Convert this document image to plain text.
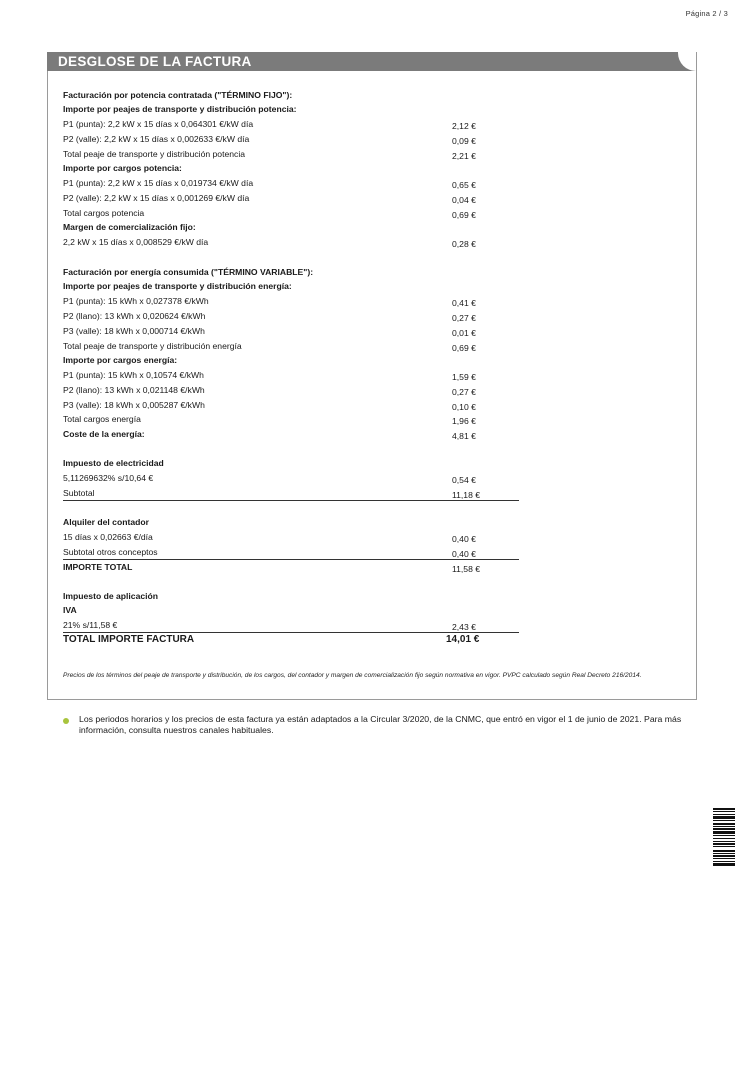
Página 2 / 3
DESGLOSE DE LA FACTURA
Facturación por potencia contratada ("TÉRMINO FIJO"):
Importe por peajes de transporte y distribución potencia:
P1 (punta): 2,2 kW x 15 días x 0,064301 €/kW día	2,12 €
P2 (valle): 2,2 kW x 15 días x 0,002633 €/kW día	0,09 €
Total peaje de transporte y distribución potencia	2,21 €
Importe por cargos potencia:
P1 (punta): 2,2 kW x 15 días x 0,019734 €/kW día	0,65 €
P2 (valle): 2,2 kW x 15 días x 0,001269 €/kW día	0,04 €
Total cargos potencia	0,69 €
Margen de comercialización fijo:
2,2 kW x 15 días x 0,008529 €/kW día	0,28 €
Facturación por energía consumida ("TÉRMINO VARIABLE"):
Importe por peajes de transporte y distribución energía:
P1 (punta): 15 kWh x 0,027378 €/kWh	0,41 €
P2 (llano): 13 kWh x 0,020624 €/kWh	0,27 €
P3 (valle): 18 kWh x 0,000714 €/kWh	0,01 €
Total peaje de transporte y distribución energía	0,69 €
Importe por cargos energía:
P1 (punta): 15 kWh x 0,10574 €/kWh	1,59 €
P2 (llano): 13 kWh x 0,021148 €/kWh	0,27 €
P3 (valle): 18 kWh x 0,005287 €/kWh	0,10 €
Total cargos energía	1,96 €
Coste de la energía:	4,81 €
Impuesto de electricidad
5,11269632% s/10,64 €	0,54 €
Subtotal	11,18 €
Alquiler del contador
15 días x 0,02663 €/día	0,40 €
Subtotal otros conceptos	0,40 €
IMPORTE TOTAL	11,58 €
Impuesto de aplicación
IVA
21% s/11,58 €	2,43 €
TOTAL IMPORTE FACTURA	14,01 €
Precios de los términos del peaje de transporte y distribución, de los cargos, del contador y margen de comercialización fijo según normativa en vigor. PVPC calculado según Real Decreto 216/2014.
Los periodos horarios y los precios de esta factura ya están adaptados a la Circular 3/2020, de la CNMC, que entró en vigor el 1 de junio de 2021. Para más información, consulta nuestros canales habituales.
